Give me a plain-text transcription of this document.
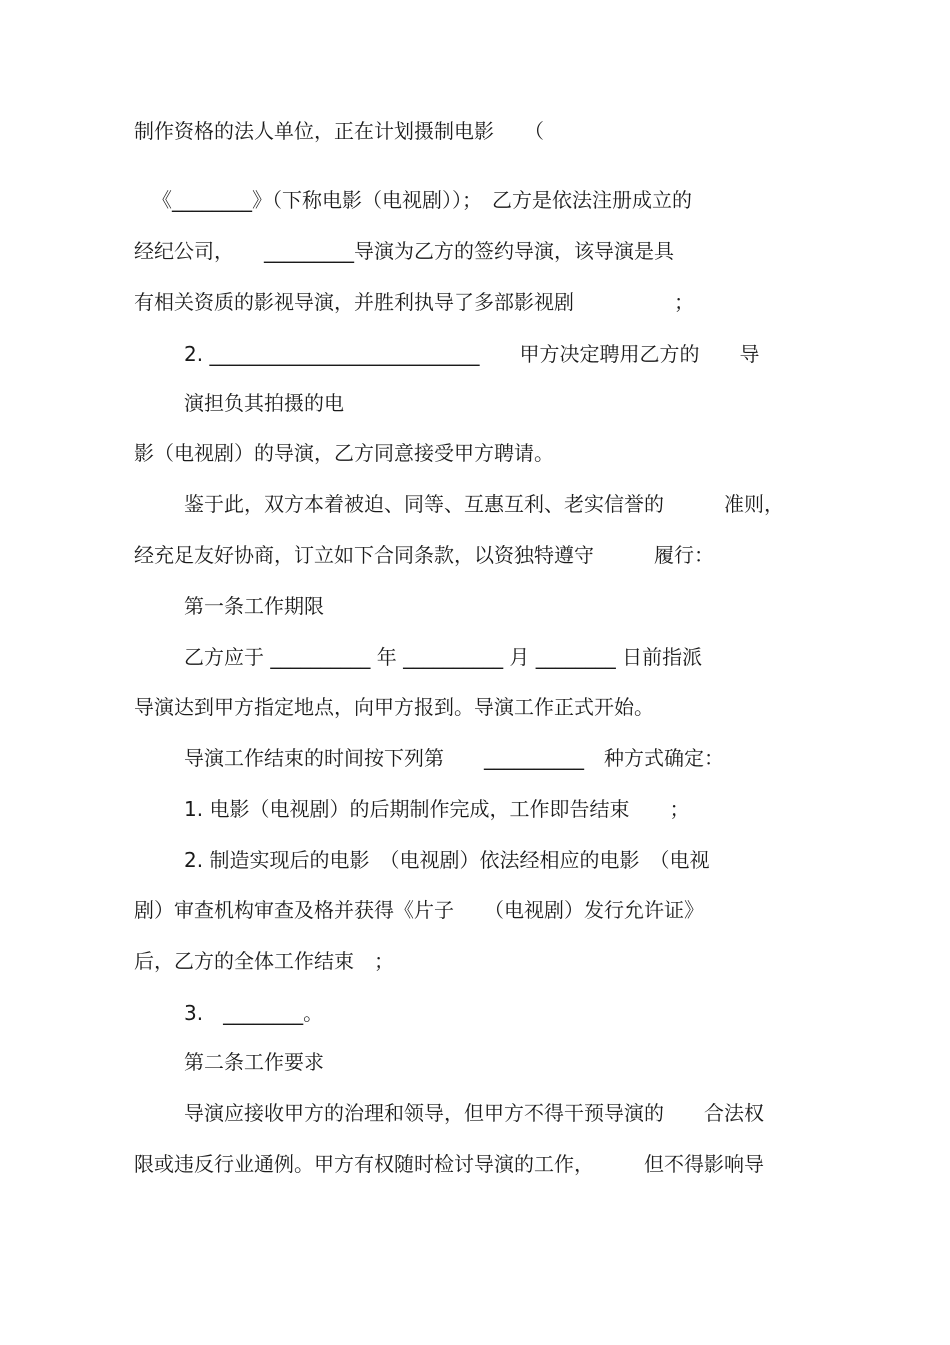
制作资格的法人单位，正在计划摄制电影　　（
《________》（下称电影（电视剧））；　乙方是依法注册成立的
经纪公司，　　_________导演为乙方的签约导演，该导演是具
有相关资质的影视导演，并胜利执导了多部影视剧　　　　　；
2. ___________________________　　甲方决定聘用乙方的　　导
演担负其拍摄的电
影（电视剧）的导演，乙方同意接受甲方聘请。
鉴于此，双方本着被迫、同等、互惠互利、老实信誉的　　　准则，
经充足友好协商，订立如下合同条款，以资独特遵守　　　履行：
第一条工作期限
乙方应于 __________ 年 __________ 月 ________ 日前指派
导演达到甲方指定地点，向甲方报到。导演工作正式开始。
导演工作结束的时间按下列第　　__________　种方式确定：
1. 电影（电视剧）的后期制作完成，工作即告结束　　；
2. 制造实现后的电影　（电视剧）依法经相应的电影　（电视
剧）审查机构审查及格并获得《片子　　（电视剧）发行允许证》
后，乙方的全体工作结束　；
3.　________。
第二条工作要求
导演应接收甲方的治理和领导，但甲方不得干预导演的　　合法权
限或违反行业通例。甲方有权随时检讨导演的工作，　　　但不得影响导
